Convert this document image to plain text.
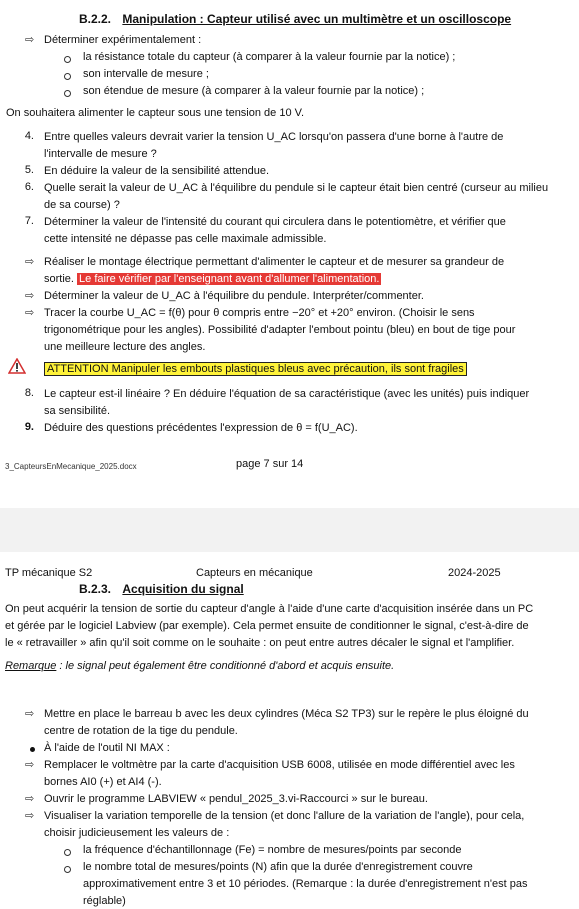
B.2.2. Manipulation : Capteur utilisé avec un multimètre et un oscilloscope
⇨ Déterminer expérimentalement :
la résistance totale du capteur (à comparer à la valeur fournie par la notice) ;
son intervalle de mesure ;
son étendue de mesure (à comparer à la valeur fournie par la notice) ;
On souhaitera alimenter le capteur sous une tension de 10 V.
4. Entre quelles valeurs devrait varier la tension U_AC lorsqu'on passera d'une borne à l'autre de
l'intervalle de mesure ?
5. En déduire la valeur de la sensibilité attendue.
6. Quelle serait la valeur de U_AC à l'équilibre du pendule si le capteur était bien centré (curseur au milieu
de sa course) ?
7. Déterminer la valeur de l'intensité du courant qui circulera dans le potentiomètre, et vérifier que
cette intensité ne dépasse pas celle maximale admissible.
⇨ Réaliser le montage électrique permettant d'alimenter le capteur et de mesurer sa grandeur de
sortie. Le faire vérifier par l'enseignant avant d'allumer l'alimentation.
⇨ Déterminer la valeur de U_AC à l'équilibre du pendule. Interpréter/commenter.
⇨ Tracer la courbe U_AC = f(θ) pour θ compris entre −20° et +20° environ. (Choisir le sens
trigonométrique pour les angles). Possibilité d'adapter l'embout pointu (bleu) en bout de tige pour
une meilleure lecture des angles.
ATTENTION Manipuler les embouts plastiques bleus avec précaution, ils sont fragiles
8. Le capteur est-il linéaire ? En déduire l'équation de sa caractéristique (avec les unités) puis indiquer
sa sensibilité.
9. Déduire des questions précédentes l'expression de θ = f(U_AC).
3_CapteursEnMecanique_2025.docx	page 7 sur 14
TP mécanique S2	Capteurs en mécanique	2024-2025
B.2.3. Acquisition du signal
On peut acquérir la tension de sortie du capteur d'angle à l'aide d'une carte d'acquisition insérée dans un PC
et gérée par le logiciel Labview (par exemple). Cela permet ensuite de conditionner le signal, c'est-à-dire de
le « retravailler » afin qu'il soit comme on le souhaite : on peut entre autres décaler le signal et l'amplifier.
Remarque : le signal peut également être conditionné d'abord et acquis ensuite.
⇨ Mettre en place le barreau b avec les deux cylindres (Méca S2 TP3) sur le repère le plus éloigné du
centre de rotation de la tige du pendule.
À l'aide de l'outil NI MAX :
⇨ Remplacer le voltmètre par la carte d'acquisition USB 6008, utilisée en mode différentiel avec les
bornes AI0 (+) et AI4 (-).
⇨ Ouvrir le programme LABVIEW « pendul_2025_3.vi-Raccourci » sur le bureau.
⇨ Visualiser la variation temporelle de la tension (et donc l'allure de la variation de l'angle), pour cela,
choisir judicieusement les valeurs de :
la fréquence d'échantillonnage (Fe) = nombre de mesures/points par seconde
le nombre total de mesures/points (N) afin que la durée d'enregistrement couvre
approximativement entre 3 et 10 périodes. (Remarque : la durée d'enregistrement n'est pas
réglable)
